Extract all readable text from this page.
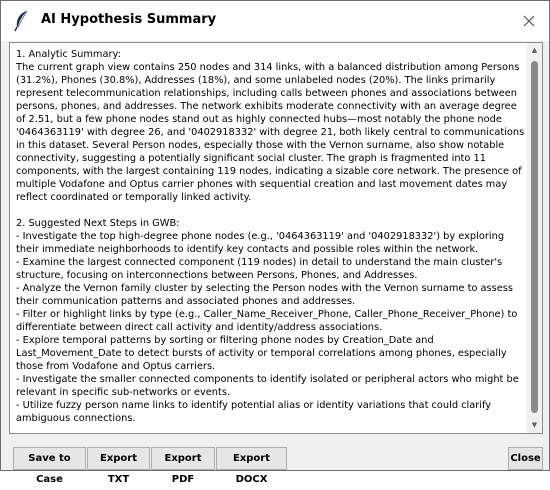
AI Hypothesis Summary
1. Analytic Summary:
The current graph view contains 250 nodes and 314 links, with a balanced distribution among Persons (31.2%), Phones (30.8%), Addresses (18%), and some unlabeled nodes (20%). The links primarily represent telecommunication relationships, including calls between phones and associations between persons, phones, and addresses. The network exhibits moderate connectivity with an average degree of 2.51, but a few phone nodes stand out as highly connected hubs—most notably the phone node '0464363119' with degree 26, and '0402918332' with degree 21, both likely central to communications in this dataset. Several Person nodes, especially those with the Vernon surname, also show notable connectivity, suggesting a potentially significant social cluster. The graph is fragmented into 11 components, with the largest containing 119 nodes, indicating a sizable core network. The presence of multiple Vodafone and Optus carrier phones with sequential creation and last movement dates may reflect coordinated or temporally linked activity.

2. Suggested Next Steps in GWB:
- Investigate the top high-degree phone nodes (e.g., '0464363119' and '0402918332') by exploring their immediate neighborhoods to identify key contacts and possible roles within the network.
- Examine the largest connected component (119 nodes) in detail to understand the main cluster's structure, focusing on interconnections between Persons, Phones, and Addresses.
- Analyze the Vernon family cluster by selecting the Person nodes with the Vernon surname to assess their communication patterns and associated phones and addresses.
- Filter or highlight links by type (e.g., Caller_Name_Receiver_Phone, Caller_Phone_Receiver_Phone) to differentiate between direct call activity and identity/address associations.
- Explore temporal patterns by sorting or filtering phone nodes by Creation_Date and Last_Movement_Date to detect bursts of activity or temporal correlations among phones, especially those from Vodafone and Optus carriers.
- Investigate the smaller connected components to identify isolated or peripheral actors who might be relevant in specific sub-networks or events.
- Utilize fuzzy person name links to identify potential alias or identity variations that could clarify ambiguous connections.
▲
▼
Save to Case
Export TXT
Export PDF
Export DOCX
Close
